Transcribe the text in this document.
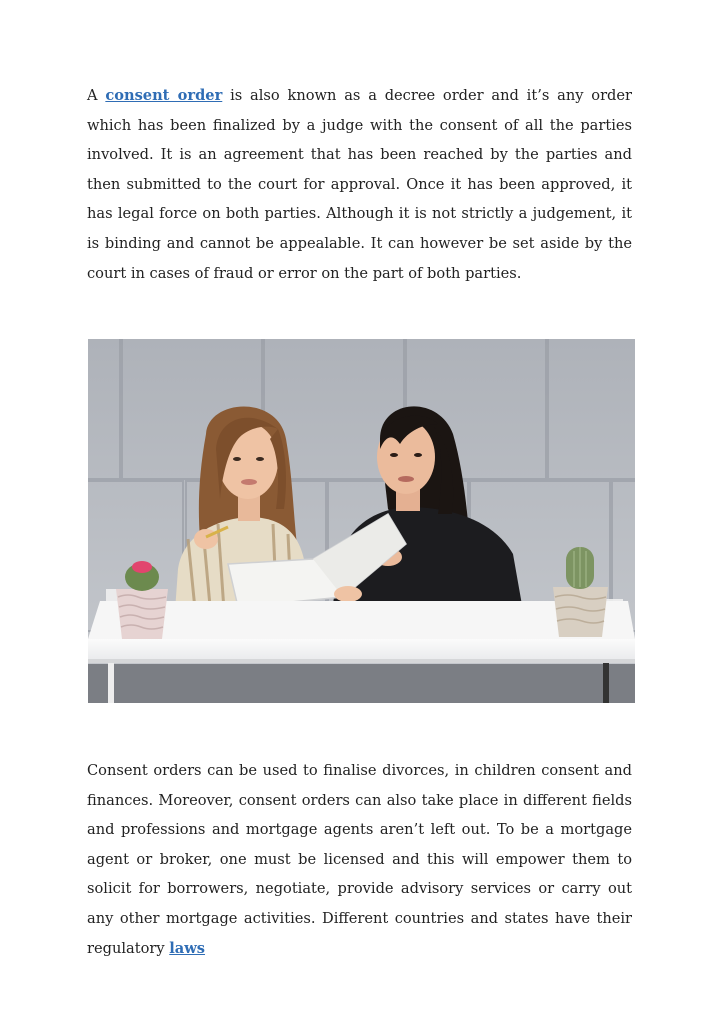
A consent order is also known as a decree order and it’s any order which has been finalized by a judge with the consent of all the parties involved. It is an agreement that has been reached by the parties and then submitted to the court for approval. Once it has been approved, it has legal force on both parties. Although it is not strictly a judgement, it is binding and cannot be appealable. It can however be set aside by the court in cases of fraud or error on the part of both parties.

Consent orders can be used to finalise divorces, in children consent and finances. Moreover, consent orders can also take place in different fields and professions and mortgage agents aren’t left out. To be a mortgage agent or broker, one must be licensed and this will empower them to solicit for borrowers, negotiate, provide advisory services or carry out any other mortgage activities. Different countries and states have their regulatory laws
